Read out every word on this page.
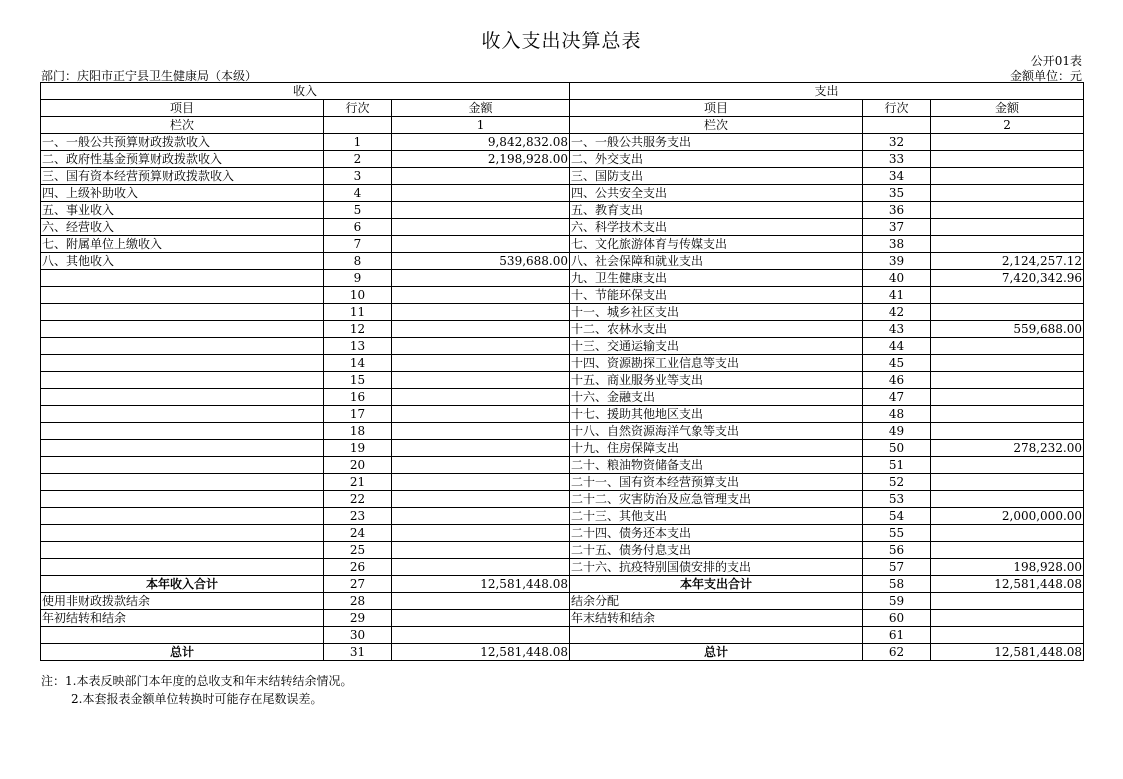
收入支出决算总表
公开01表
部门：庆阳市正宁县卫生健康局（本级）	金额单位：元
收入			支出		
项目	行次	金额	项目	行次	金额
栏次		1	栏次		2
一、一般公共预算财政拨款收入	1	9,842,832.08	一、一般公共服务支出	32	
二、政府性基金预算财政拨款收入	2	2,198,928.00	二、外交支出	33	
三、国有资本经营预算财政拨款收入	3		三、国防支出	34	
四、上级补助收入	4		四、公共安全支出	35	
五、事业收入	5		五、教育支出	36	
六、经营收入	6		六、科学技术支出	37	
七、附属单位上缴收入	7		七、文化旅游体育与传媒支出	38	
八、其他收入	8	539,688.00	八、社会保障和就业支出	39	2,124,257.12
	9		九、卫生健康支出	40	7,420,342.96
	10		十、节能环保支出	41	
	11		十一、城乡社区支出	42	
	12		十二、农林水支出	43	559,688.00
	13		十三、交通运输支出	44	
	14		十四、资源勘探工业信息等支出	45	
	15		十五、商业服务业等支出	46	
	16		十六、金融支出	47	
	17		十七、援助其他地区支出	48	
	18		十八、自然资源海洋气象等支出	49	
	19		十九、住房保障支出	50	278,232.00
	20		二十、粮油物资储备支出	51	
	21		二十一、国有资本经营预算支出	52	
	22		二十二、灾害防治及应急管理支出	53	
	23		二十三、其他支出	54	2,000,000.00
	24		二十四、债务还本支出	55	
	25		二十五、债务付息支出	56	
	26		二十六、抗疫特别国债安排的支出	57	198,928.00
本年收入合计	27	12,581,448.08	本年支出合计	58	12,581,448.08
使用非财政拨款结余	28		结余分配	59	
年初结转和结余	29		年末结转和结余	60	
	30			61	
总计	31	12,581,448.08	总计	62	12,581,448.08
注：1.本表反映部门本年度的总收支和年末结转结余情况。
2.本套报表金额单位转换时可能存在尾数误差。
